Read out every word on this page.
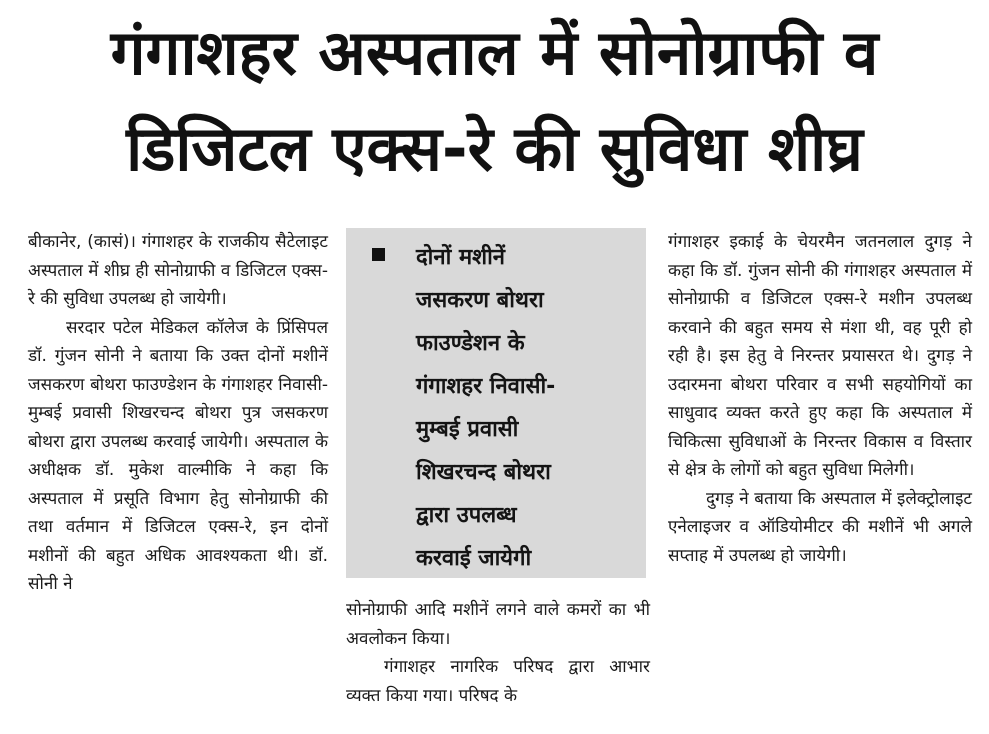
गंगाशहर अस्पताल में सोनोग्राफी व
डिजिटल एक्स-रे की सुविधा शीघ्र

बीकानेर, (कासं)। गंगाशहर के राजकीय सैटेलाइट अस्पताल में शीघ्र ही सोनोग्राफी व डिजिटल एक्स-रे की सुविधा उपलब्ध हो जायेगी।

सरदार पटेल मेडिकल कॉलेज के प्रिंसिपल डॉ. गुंजन सोनी ने बताया कि उक्त दोनों मशीनें जसकरण बोथरा फाउण्डेशन के गंगाशहर निवासी-मुम्बई प्रवासी शिखरचन्द बोथरा पुत्र जसकरण बोथरा द्वारा उपलब्ध करवाई जायेगी। अस्पताल के अधीक्षक डॉ. मुकेश वाल्मीकि ने कहा कि अस्पताल में प्रसूति विभाग हेतु सोनोग्राफी की तथा वर्तमान में डिजिटल एक्स-रे, इन दोनों मशीनों की बहुत अधिक आवश्यकता थी। डॉ. सोनी ने

दोनों मशीनें
जसकरण बोथरा
फाउण्डेशन के
गंगाशहर निवासी-
मुम्बई प्रवासी
शिखरचन्द बोथरा
द्वारा उपलब्ध
करवाई जायेगी

सोनोग्राफी आदि मशीनें लगने वाले कमरों का भी अवलोकन किया।

गंगाशहर नागरिक परिषद द्वारा आभार व्यक्त किया गया। परिषद के

गंगाशहर इकाई के चेयरमैन जतनलाल दुगड़ ने कहा कि डॉ. गुंजन सोनी की गंगाशहर अस्पताल में सोनोग्राफी व डिजिटल एक्स-रे मशीन उपलब्ध करवाने की बहुत समय से मंशा थी, वह पूरी हो रही है। इस हेतु वे निरन्तर प्रयासरत थे। दुगड़ ने उदारमना बोथरा परिवार व सभी सहयोगियों का साधुवाद व्यक्त करते हुए कहा कि अस्पताल में चिकित्सा सुविधाओं के निरन्तर विकास व विस्तार से क्षेत्र के लोगों को बहुत सुविधा मिलेगी।

दुगड़ ने बताया कि अस्पताल में इलेक्ट्रोलाइट एनेलाइजर व ऑडियोमीटर की मशीनें भी अगले सप्ताह में उपलब्ध हो जायेगी।
